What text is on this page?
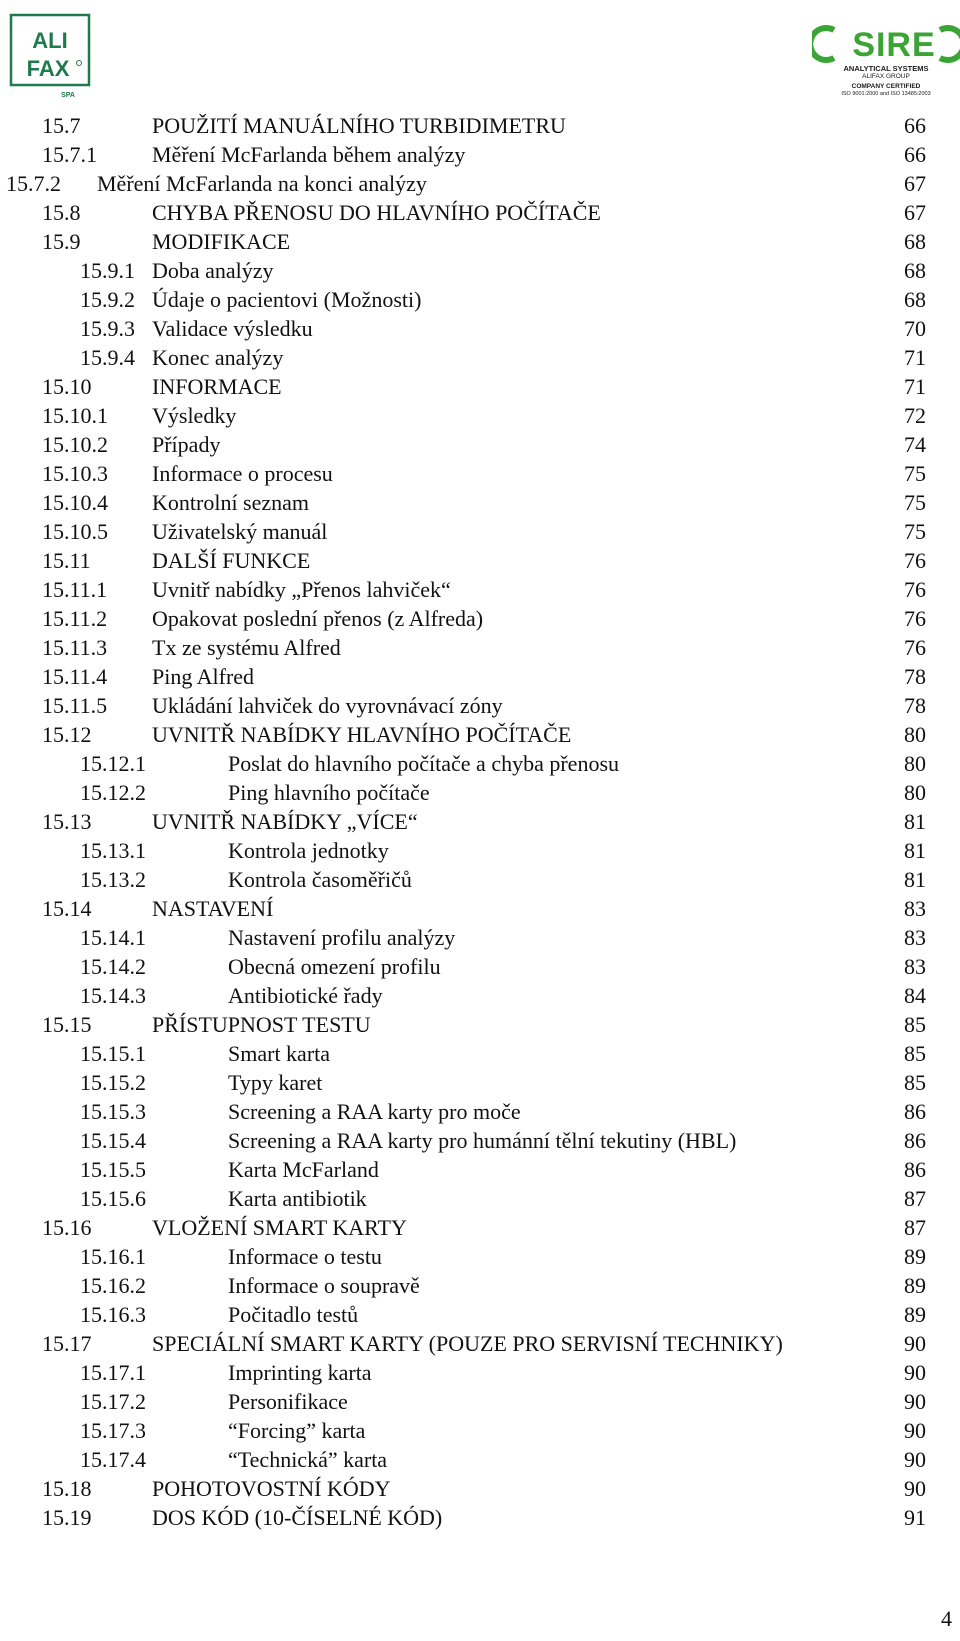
ALI
FAX
SPA
SIRE
ANALYTICAL SYSTEMS
ALIFAX GROUP
COMPANY CERTIFIED
ISO 9001:2000 and ISO 13485:2003
15.7	POUŽITÍ MANUÁLNÍHO TURBIDIMETRU	66
15.7.1	Měření McFarlanda během analýzy	66
15.7.2 Měření McFarlanda na konci analýzy	67
15.8	CHYBA PŘENOSU DO HLAVNÍHO POČÍTAČE	67
15.9	MODIFIKACE	68
15.9.1 Doba analýzy	68
15.9.2 Údaje o pacientovi (Možnosti)	68
15.9.3 Validace výsledku	70
15.9.4 Konec analýzy	71
15.10	INFORMACE	71
15.10.1 Výsledky	72
15.10.2 Případy	74
15.10.3 Informace o procesu	75
15.10.4 Kontrolní seznam	75
15.10.5 Uživatelský manuál	75
15.11	DALŠÍ FUNKCE	76
15.11.1 Uvnitř nabídky „Přenos lahviček“	76
15.11.2 Opakovat poslední přenos (z Alfreda)	76
15.11.3 Tx ze systému Alfred	76
15.11.4 Ping Alfred	78
15.11.5 Ukládání lahviček do vyrovnávací zóny	78
15.12	UVNITŘ NABÍDKY HLAVNÍHO POČÍTAČE	80
15.12.1	Poslat do hlavního počítače a chyba přenosu	80
15.12.2	Ping hlavního počítače	80
15.13	UVNITŘ NABÍDKY „VÍCE“	81
15.13.1	Kontrola jednotky	81
15.13.2	Kontrola časoměřičů	81
15.14	NASTAVENÍ	83
15.14.1	Nastavení profilu analýzy	83
15.14.2	Obecná omezení profilu	83
15.14.3	Antibiotické řady	84
15.15	PŘÍSTUPNOST TESTU	85
15.15.1	Smart karta	85
15.15.2	Typy karet	85
15.15.3	Screening a RAA karty pro moče	86
15.15.4	Screening a RAA karty pro humánní tělní tekutiny (HBL)	86
15.15.5	Karta McFarland	86
15.15.6	Karta antibiotik	87
15.16	VLOŽENÍ SMART KARTY	87
15.16.1	Informace o testu	89
15.16.2	Informace o soupravě	89
15.16.3	Počitadlo testů	89
15.17	SPECIÁLNÍ SMART KARTY (POUZE PRO SERVISNÍ TECHNIKY)	90
15.17.1	Imprinting karta	90
15.17.2	Personifikace	90
15.17.3	“Forcing” karta	90
15.17.4	“Technická” karta	90
15.18	POHOTOVOSTNÍ KÓDY	90
15.19	DOS KÓD (10-ČÍSELNÉ KÓD)	91
4
